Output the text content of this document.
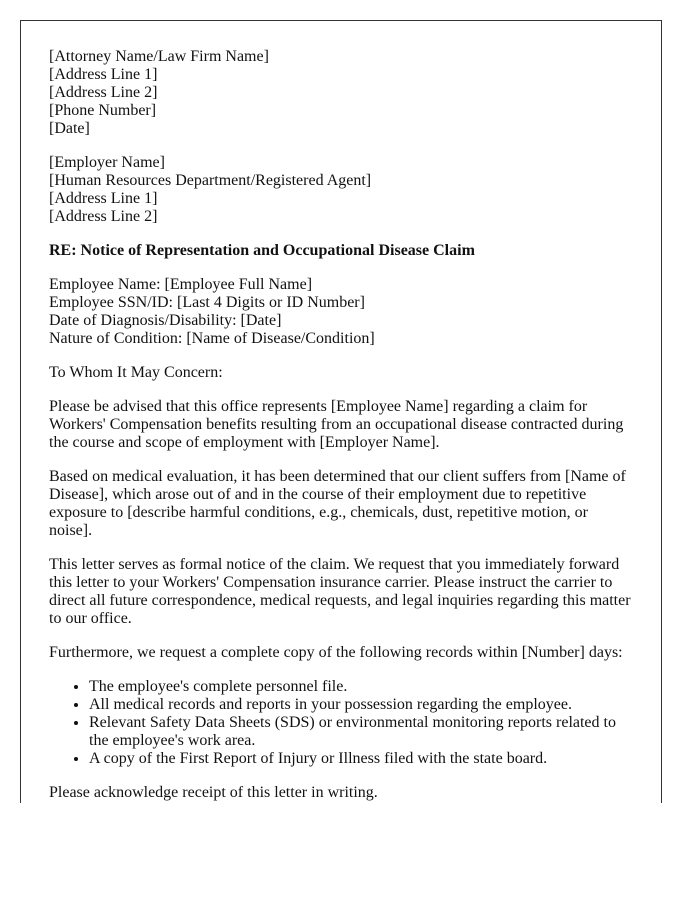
[Attorney Name/Law Firm Name]
[Address Line 1]
[Address Line 2]
[Phone Number]
[Date]
[Employer Name]
[Human Resources Department/Registered Agent]
[Address Line 1]
[Address Line 2]
RE: Notice of Representation and Occupational Disease Claim
Employee Name: [Employee Full Name]
Employee SSN/ID: [Last 4 Digits or ID Number]
Date of Diagnosis/Disability: [Date]
Nature of Condition: [Name of Disease/Condition]

To Whom It May Concern:

Please be advised that this office represents [Employee Name] regarding a claim for Workers' Compensation benefits resulting from an occupational disease contracted during the course and scope of employment with [Employer Name].

Based on medical evaluation, it has been determined that our client suffers from [Name of Disease], which arose out of and in the course of their employment due to repetitive exposure to [describe harmful conditions, e.g., chemicals, dust, repetitive motion, or noise].

This letter serves as formal notice of the claim. We request that you immediately forward this letter to your Workers' Compensation insurance carrier. Please instruct the carrier to direct all future correspondence, medical requests, and legal inquiries regarding this matter to our office.

Furthermore, we request a complete copy of the following records within [Number] days:

• The employee's complete personnel file.
• All medical records and reports in your possession regarding the employee.
• Relevant Safety Data Sheets (SDS) or environmental monitoring reports related to the employee's work area.
• A copy of the First Report of Injury or Illness filed with the state board.

Please acknowledge receipt of this letter in writing.
